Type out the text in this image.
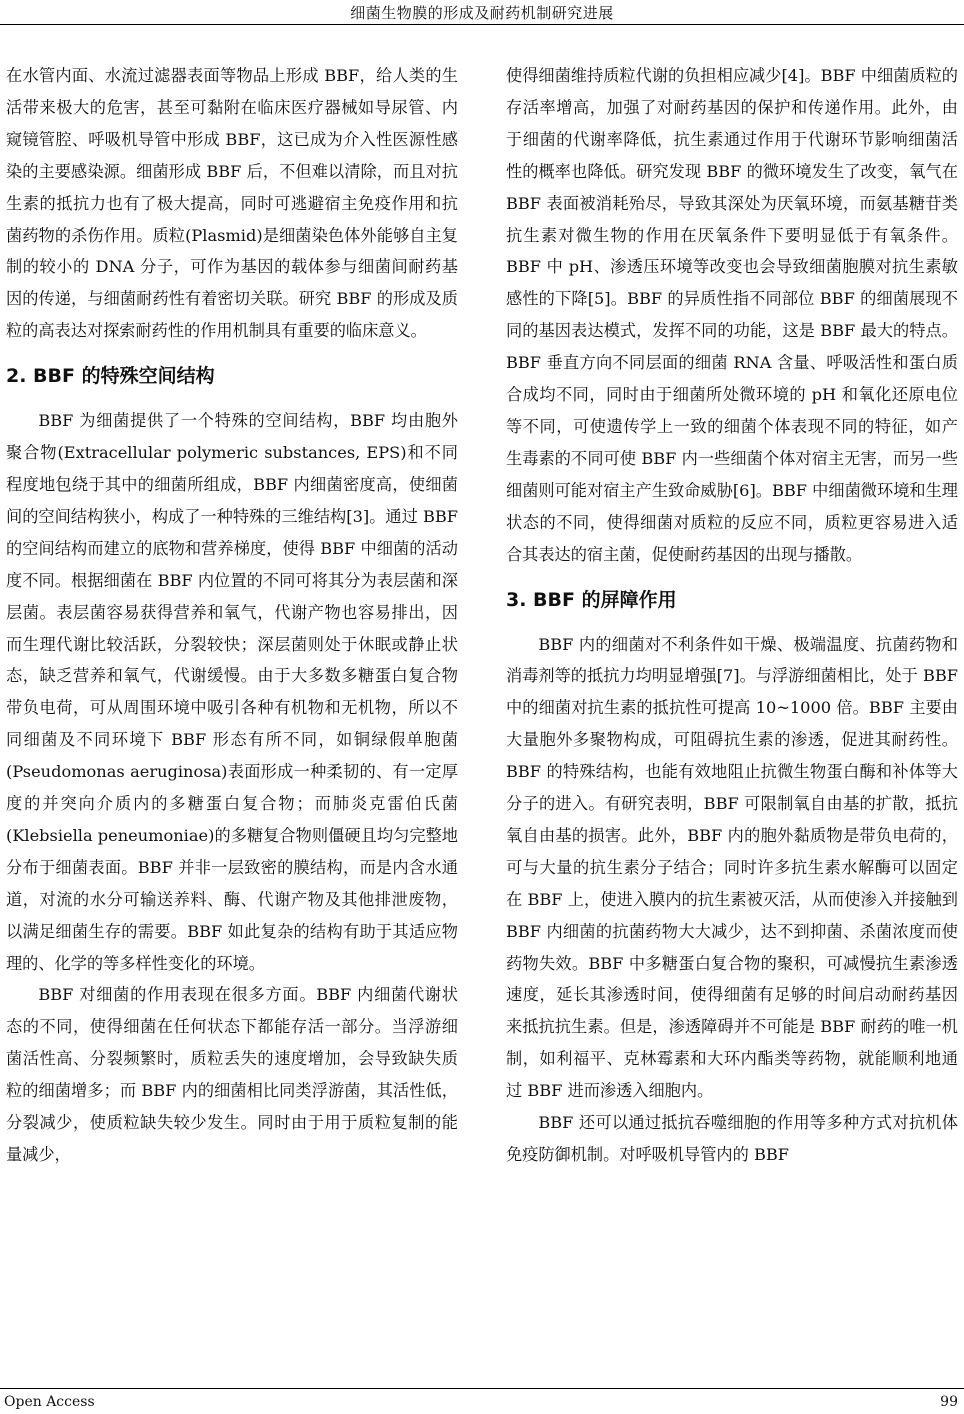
细菌生物膜的形成及耐药机制研究进展

在水管内面、水流过滤器表面等物品上形成 BBF，给人类的生活带来极大的危害，甚至可黏附在临床医疗器械如导尿管、内窥镜管腔、呼吸机导管中形成 BBF，这已成为介入性医源性感染的主要感染源。细菌形成 BBF 后，不但难以清除，而且对抗生素的抵抗力也有了极大提高，同时可逃避宿主免疫作用和抗菌药物的杀伤作用。质粒(Plasmid)是细菌染色体外能够自主复制的较小的 DNA 分子，可作为基因的载体参与细菌间耐药基因的传递，与细菌耐药性有着密切关联。研究 BBF 的形成及质粒的高表达对探索耐药性的作用机制具有重要的临床意义。

2. BBF 的特殊空间结构

BBF 为细菌提供了一个特殊的空间结构，BBF 均由胞外聚合物(Extracellular polymeric substances, EPS)和不同程度地包绕于其中的细菌所组成，BBF 内细菌密度高，使细菌间的空间结构狭小，构成了一种特殊的三维结构[3]。通过 BBF 的空间结构而建立的底物和营养梯度，使得 BBF 中细菌的活动度不同。根据细菌在 BBF 内位置的不同可将其分为表层菌和深层菌。表层菌容易获得营养和氧气，代谢产物也容易排出，因而生理代谢比较活跃，分裂较快；深层菌则处于休眠或静止状态，缺乏营养和氧气，代谢缓慢。由于大多数多糖蛋白复合物带负电荷，可从周围环境中吸引各种有机物和无机物，所以不同细菌及不同环境下 BBF 形态有所不同，如铜绿假单胞菌(Pseudomonas aeruginosa)表面形成一种柔韧的、有一定厚度的并突向介质内的多糖蛋白复合物；而肺炎克雷伯氏菌(Klebsiella peneumoniae)的多糖复合物则僵硬且均匀完整地分布于细菌表面。BBF 并非一层致密的膜结构，而是内含水通道，对流的水分可输送养料、酶、代谢产物及其他排泄废物，以满足细菌生存的需要。BBF 如此复杂的结构有助于其适应物理的、化学的等多样性变化的环境。

BBF 对细菌的作用表现在很多方面。BBF 内细菌代谢状态的不同，使得细菌在任何状态下都能存活一部分。当浮游细菌活性高、分裂频繁时，质粒丢失的速度增加，会导致缺失质粒的细菌增多；而 BBF 内的细菌相比同类浮游菌，其活性低，分裂减少，使质粒缺失较少发生。同时由于用于质粒复制的能量减少，

使得细菌维持质粒代谢的负担相应减少[4]。BBF 中细菌质粒的存活率增高，加强了对耐药基因的保护和传递作用。此外，由于细菌的代谢率降低，抗生素通过作用于代谢环节影响细菌活性的概率也降低。研究发现 BBF 的微环境发生了改变，氧气在 BBF 表面被消耗殆尽，导致其深处为厌氧环境，而氨基糖苷类抗生素对微生物的作用在厌氧条件下要明显低于有氧条件。BBF 中 pH、渗透压环境等改变也会导致细菌胞膜对抗生素敏感性的下降[5]。BBF 的异质性指不同部位 BBF 的细菌展现不同的基因表达模式，发挥不同的功能，这是 BBF 最大的特点。BBF 垂直方向不同层面的细菌 RNA 含量、呼吸活性和蛋白质合成均不同，同时由于细菌所处微环境的 pH 和氧化还原电位等不同，可使遗传学上一致的细菌个体表现不同的特征，如产生毒素的不同可使 BBF 内一些细菌个体对宿主无害，而另一些细菌则可能对宿主产生致命威胁[6]。BBF 中细菌微环境和生理状态的不同，使得细菌对质粒的反应不同，质粒更容易进入适合其表达的宿主菌，促使耐药基因的出现与播散。

3. BBF 的屏障作用

BBF 内的细菌对不利条件如干燥、极端温度、抗菌药物和消毒剂等的抵抗力均明显增强[7]。与浮游细菌相比，处于 BBF 中的细菌对抗生素的抵抗性可提高 10~1000 倍。BBF 主要由大量胞外多聚物构成，可阻碍抗生素的渗透，促进其耐药性。BBF 的特殊结构，也能有效地阻止抗微生物蛋白酶和补体等大分子的进入。有研究表明，BBF 可限制氧自由基的扩散，抵抗氧自由基的损害。此外，BBF 内的胞外黏质物是带负电荷的，可与大量的抗生素分子结合；同时许多抗生素水解酶可以固定在 BBF 上，使进入膜内的抗生素被灭活，从而使渗入并接触到 BBF 内细菌的抗菌药物大大减少，达不到抑菌、杀菌浓度而使药物失效。BBF 中多糖蛋白复合物的聚积，可减慢抗生素渗透速度，延长其渗透时间，使得细菌有足够的时间启动耐药基因来抵抗抗生素。但是，渗透障碍并不可能是 BBF 耐药的唯一机制，如利福平、克林霉素和大环内酯类等药物，就能顺利地通过 BBF 进而渗透入细胞内。

BBF 还可以通过抵抗吞噬细胞的作用等多种方式对抗机体免疫防御机制。对呼吸机导管内的 BBF

Open Access	99
